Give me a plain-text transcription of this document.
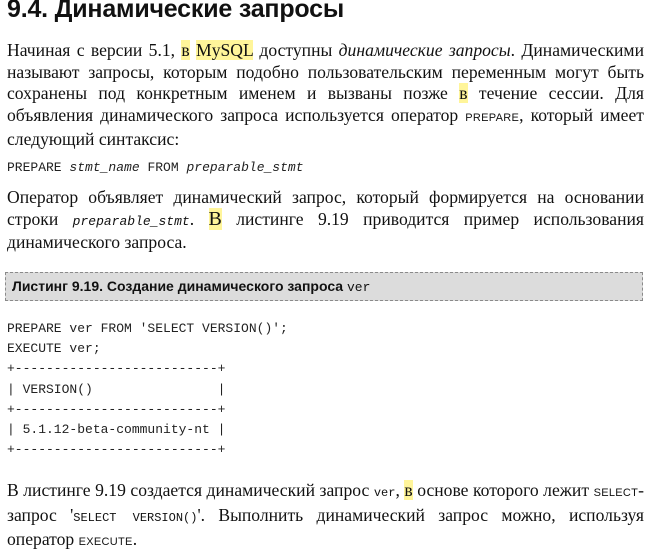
9.4. Динамические запросы

Начиная с версии 5.1, в MySQL доступны динамические запросы. Динамическими называют запросы, которым подобно пользовательским переменным могут быть сохранены под конкретным именем и вызваны позже в течение сессии. Для объявления динамического запроса используется оператор PREPARE, который имеет следующий синтаксис:

PREPARE stmt_name FROM preparable_stmt

Оператор объявляет динамический запрос, который формируется на основании строки preparable_stmt. В листинге 9.19 приводится пример использования динамического запроса.

Листинг 9.19. Создание динамического запроса ver
PREPARE ver FROM 'SELECT VERSION()';
EXECUTE ver;
+--------------------------+
| VERSION()                |
+--------------------------+
| 5.1.12-beta-community-nt |
+--------------------------+

В листинге 9.19 создается динамический запрос ver, в основе которого лежит SELECT-запрос 'SELECT VERSION()'. Выполнить динамический запрос можно, используя оператор EXECUTE.
